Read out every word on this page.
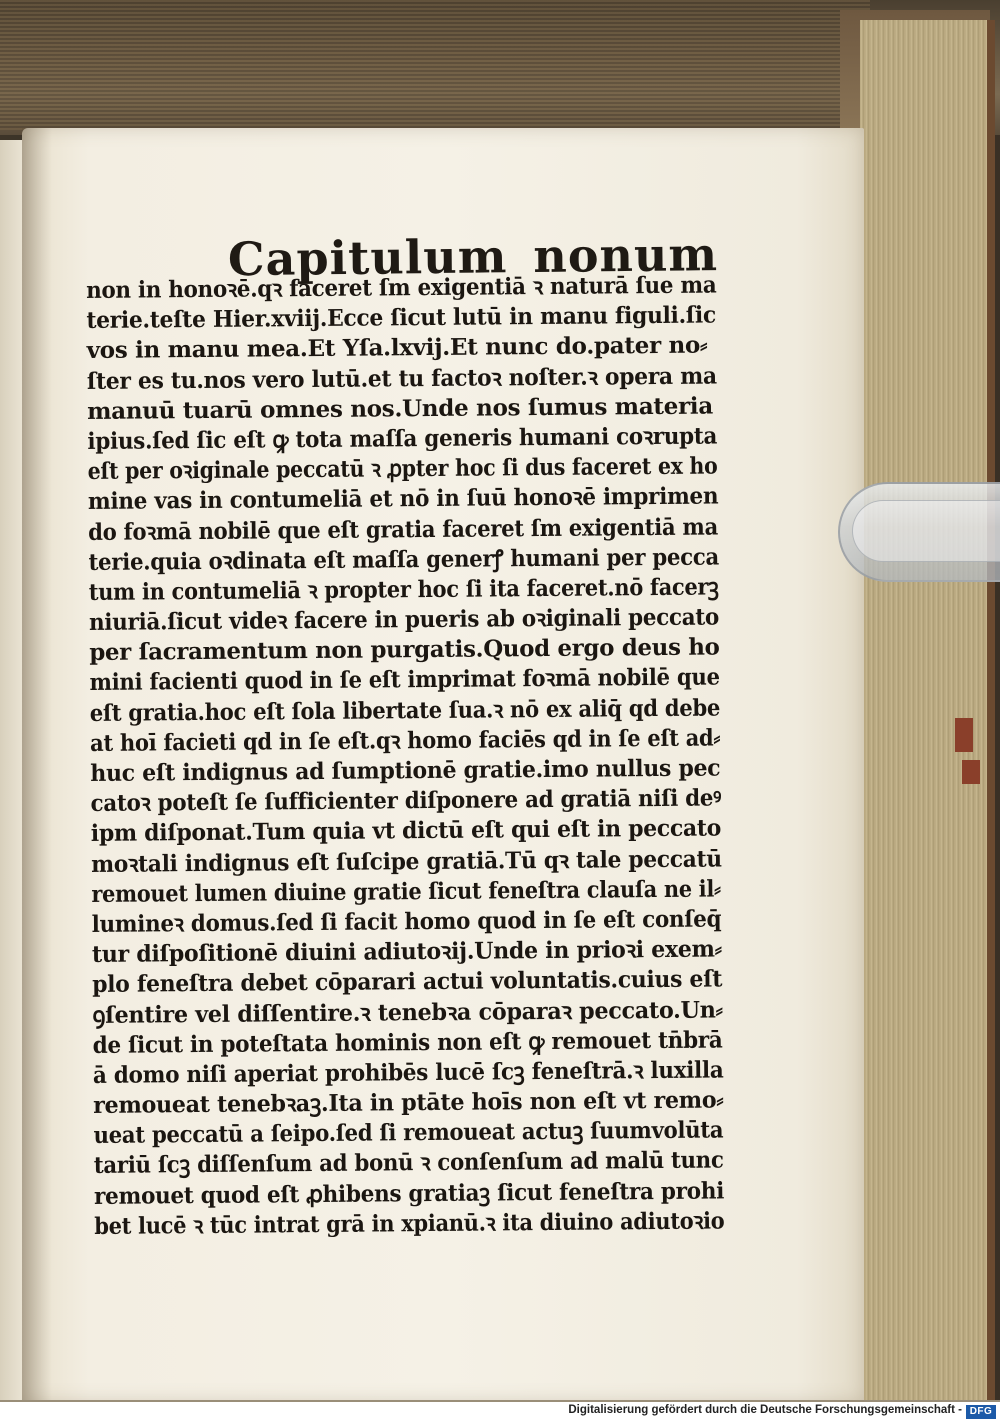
Capitulum nonum
non in honoꝛē.qꝛ faceret ſm exigentiā ꝛ naturā ſue ma
terie.teſte Hier.xviij.Ecce ſicut lutū in manu figuli.ſic
vos in manu mea.Et Yſa.lxvij.Et nunc do.pater no⸗
ſter es tu.nos vero lutū.et tu factoꝛ noſter.ꝛ opera ma
manuū tuarū omnes nos.Unde nos ſumus materia
ipius.ſed ſic eſt ꝙ tota maſſa generis humani coꝛrupta
eſt per oꝛiginale peccatū ꝛ ꝓpter hoc ſi dus faceret ex ho
mine vas in contumeliā et nō in ſuū honoꝛē imprimen
do foꝛmā nobilē que eſt gratia faceret ſm exigentiā ma
terie.quia oꝛdinata eſt maſſa generꝭ humani per pecca
tum in contumeliā ꝛ propter hoc ſi ita faceret.nō facerꝫ
niuriā.ſicut videꝛ facere in pueris ab oꝛiginali peccato
per ſacramentum non purgatis.Quod ergo deus ho
mini facienti quod in ſe eſt imprimat foꝛmā nobilē que
eſt gratia.hoc eſt ſola libertate ſua.ꝛ nō ex aliq̄ qd debe
at hoī facieti qd in ſe eſt.qꝛ homo faciēs qd in ſe eſt ad⸗
huc eſt indignus ad ſumptionē gratie.imo nullus pec
catoꝛ poteſt ſe ſufficienter diſponere ad gratiā niſi deꝰ
ipm diſponat.Tum quia vt dictū eſt qui eſt in peccato
moꝛtali indignus eſt ſuſcipe gratiā.Tū qꝛ tale peccatū
remouet lumen diuine gratie ſicut feneſtra clauſa ne il⸗
lumineꝛ domus.ſed ſi facit homo quod in ſe eſt conſeq̄
tur diſpoſitionē diuini adiutoꝛij.Unde in prioꝛi exem⸗
plo feneſtra debet cōparari actui voluntatis.cuius eſt
ꝯſentire vel diſſentire.ꝛ tenebꝛa cōparaꝛ peccato.Un⸗
de ſicut in poteſtata hominis non eſt ꝙ remouet tn̄brā
ā domo niſi aperiat prohibēs lucē ſcꝫ feneſtrā.ꝛ luxilla
remoueat tenebꝛaꝫ.Ita in ptāte hoīs non eſt vt remo⸗
ueat peccatū a ſeipo.ſed ſi remoueat actuꝫ ſuumvolūta
tariū ſcꝫ diſſenſum ad bonū ꝛ conſenſum ad malū tunc
remouet quod eſt ꝓhibens gratiaꝫ ſicut feneſtra prohi
bet lucē ꝛ tūc intrat grā in xpianū.ꝛ ita diuino adiutoꝛio
Digitalisierung gefördert durch die Deutsche Forschungsgemeinschaft - DFG
